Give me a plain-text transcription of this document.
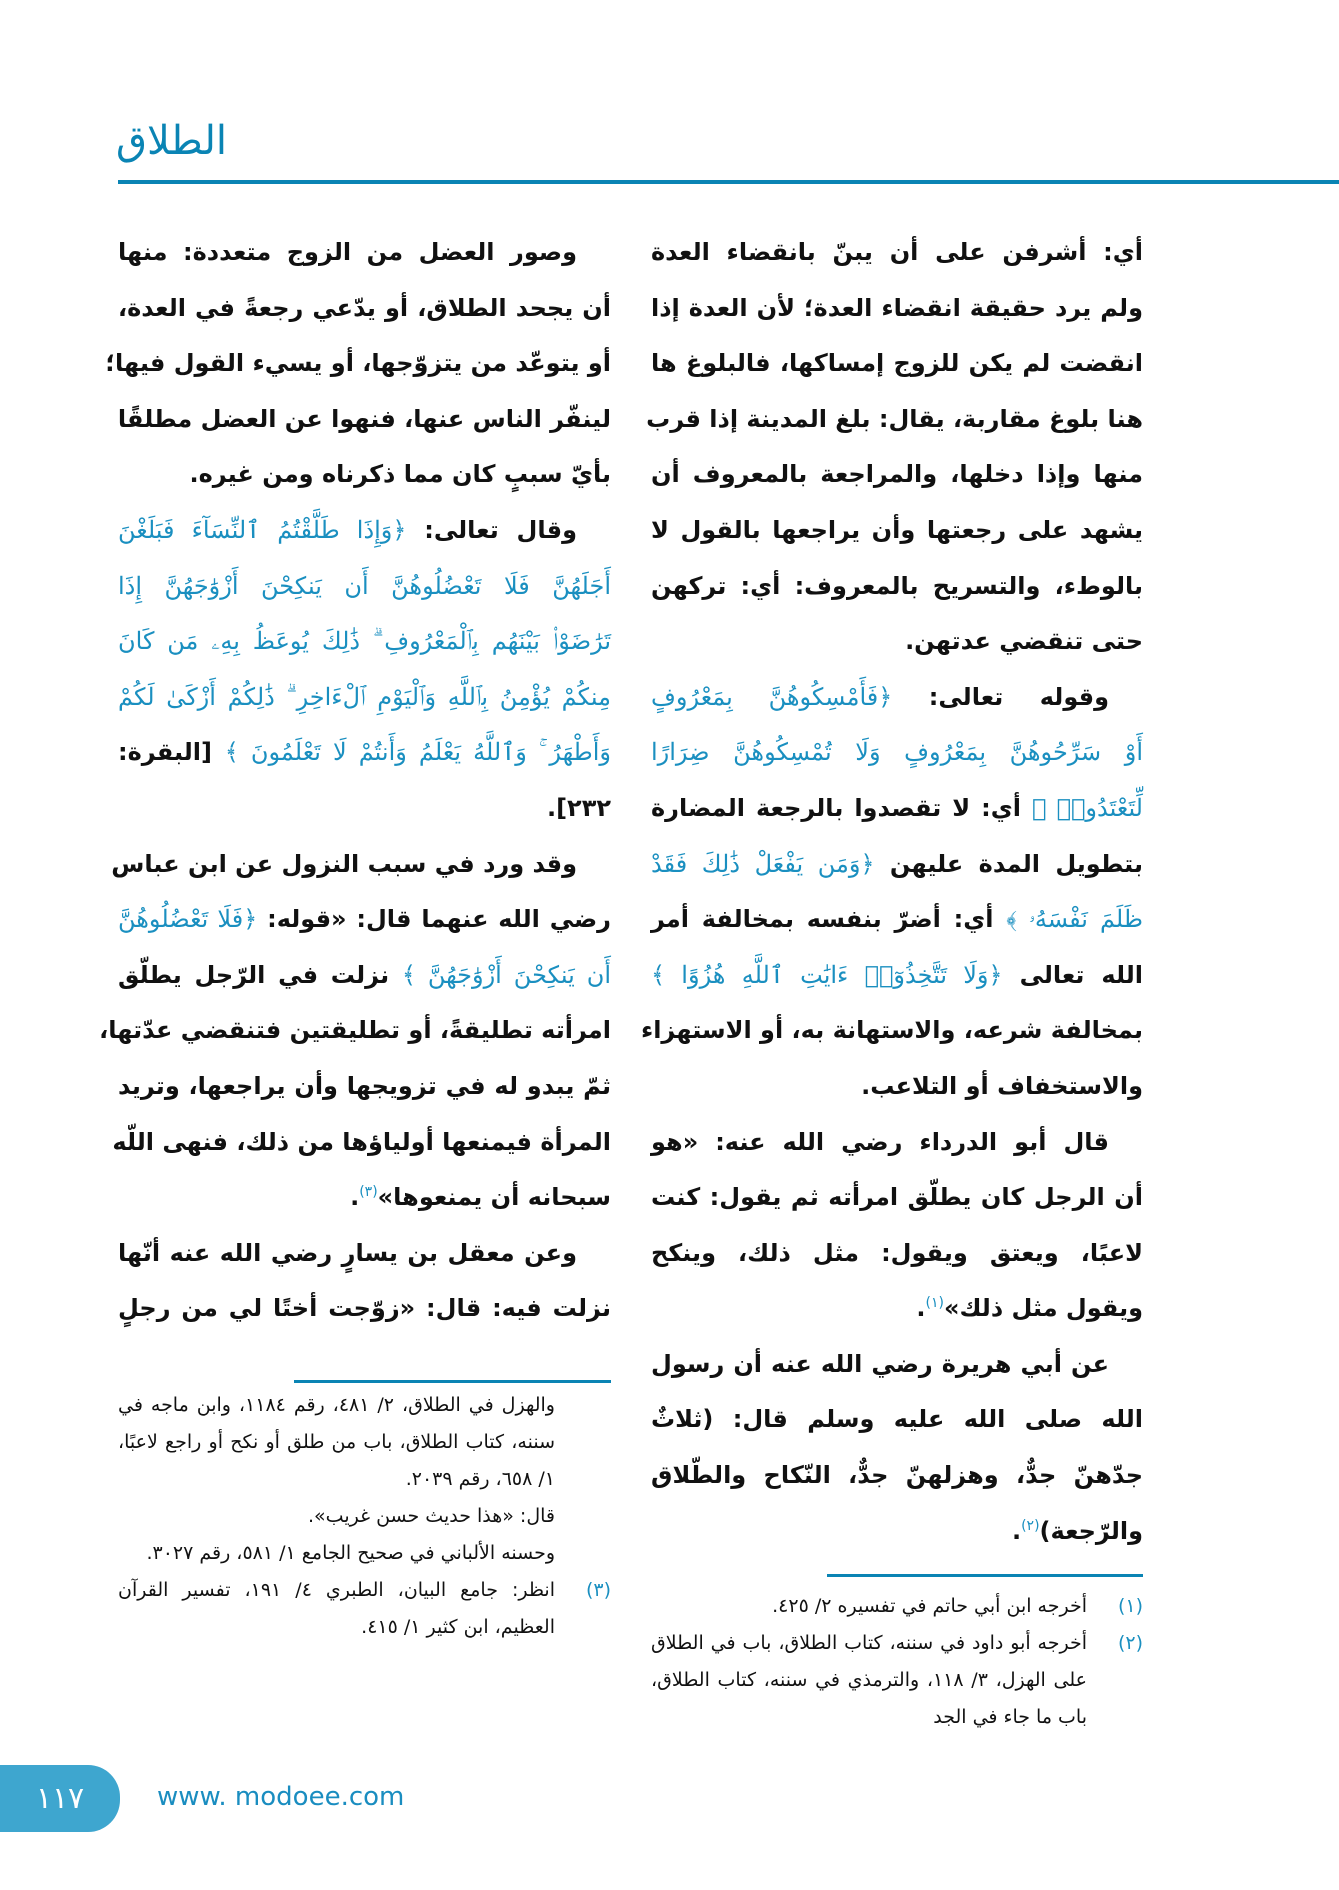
الطلاق
أي: أشرفن على أن يبنّ بانقضاء العدة
ولم يرد حقيقة انقضاء العدة؛ لأن العدة إذا
انقضت لم يكن للزوج إمساكها، فالبلوغ ها
هنا بلوغ مقاربة، يقال: بلغ المدينة إذا قرب
منها وإذا دخلها، والمراجعة بالمعروف أن
يشهد على رجعتها وأن يراجعها بالقول لا
بالوطء، والتسريح بالمعروف: أي: تركهن
حتى تنقضي عدتهن.
وقوله تعالى: ﴿فَأَمْسِكُوهُنَّ بِمَعْرُوفٍ
أَوْ سَرِّحُوهُنَّ بِمَعْرُوفٍ وَلَا تُمْسِكُوهُنَّ ضِرَارًا
لِّتَعْتَدُوا۟ ﴾ أي: لا تقصدوا بالرجعة المضارة
بتطويل المدة عليهن ﴿وَمَن يَفْعَلْ ذَٰلِكَ فَقَدْ
ظَلَمَ نَفْسَهُۥ ﴾ أي: أضرّ بنفسه بمخالفة أمر
الله تعالى ﴿وَلَا تَتَّخِذُوٓا۟ ءَايَٰتِ ٱللَّهِ هُزُوًا ﴾
بمخالفة شرعه، والاستهانة به، أو الاستهزاء
والاستخفاف أو التلاعب.
قال أبو الدرداء رضي الله عنه: «هو
أن الرجل كان يطلّق امرأته ثم يقول: كنت
لاعبًا، ويعتق ويقول: مثل ذلك، وينكح
ويقول مثل ذلك»$^{(١)}$.
عن أبي هريرة رضي الله عنه أن رسول
الله صلى الله عليه وسلم قال: (ثلاثٌ
جدّهنّ جدٌّ، وهزلهنّ جدٌّ، النّكاح والطّلاق
والرّجعة)$^{(٢)}$.
وصور العضل من الزوج متعددة: منها
أن يجحد الطلاق، أو يدّعي رجعةً في العدة،
أو يتوعّد من يتزوّجها، أو يسيء القول فيها؛
لينفّر الناس عنها، فنهوا عن العضل مطلقًا
بأيّ سببٍ كان مما ذكرناه ومن غيره.
وقال تعالى: ﴿وَإِذَا طَلَّقْتُمُ ٱلنِّسَآءَ فَبَلَغْنَ
أَجَلَهُنَّ فَلَا تَعْضُلُوهُنَّ أَن يَنكِحْنَ أَزْوَٰجَهُنَّ إِذَا
تَرَٰضَوْا۟ بَيْنَهُم بِٱلْمَعْرُوفِ ۗ ذَٰلِكَ يُوعَظُ بِهِۦ مَن كَانَ
مِنكُمْ يُؤْمِنُ بِٱللَّهِ وَٱلْيَوْمِ ٱلْءَاخِرِ ۗ ذَٰلِكُمْ أَزْكَىٰ لَكُمْ
وَأَطْهَرُ ۚ وَٱللَّهُ يَعْلَمُ وَأَنتُمْ لَا تَعْلَمُونَ ﴾ [البقرة:
٢٣٢].
وقد ورد في سبب النزول عن ابن عباس
رضي الله عنهما قال: «قوله: ﴿فَلَا تَعْضُلُوهُنَّ
أَن يَنكِحْنَ أَزْوَٰجَهُنَّ ﴾ نزلت في الرّجل يطلّق
امرأته تطليقةً، أو تطليقتين فتنقضي عدّتها،
ثمّ يبدو له في تزويجها وأن يراجعها، وتريد
المرأة فيمنعها أولياؤها من ذلك، فنهى اللّه
سبحانه أن يمنعوها»$^{(٣)}$.
وعن معقل بن يسارٍ رضي الله عنه أنّها
نزلت فيه: قال: «زوّجت أختًا لي من رجلٍ
والهزل في الطلاق، ٢/ ٤٨١، رقم ١١٨٤، وابن ماجه في سننه، كتاب الطلاق، باب من طلق أو نكح أو راجع لاعبًا، ١/ ٦٥٨، رقم ٢٠٣٩.
قال: «هذا حديث حسن غريب».
وحسنه الألباني في صحيح الجامع ١/ ٥٨١، رقم ٣٠٢٧.
(٣)
انظر: جامع البيان، الطبري ٤/ ١٩١، تفسير القرآن العظيم، ابن كثير ١/ ٤١٥.
(١)
أخرجه ابن أبي حاتم في تفسيره ٢/ ٤٢٥.
(٢)
أخرجه أبو داود في سننه، كتاب الطلاق، باب في الطلاق على الهزل، ٣/ ١١٨، والترمذي في سننه، كتاب الطلاق، باب ما جاء في الجد
١١٧	www. modoee.com
